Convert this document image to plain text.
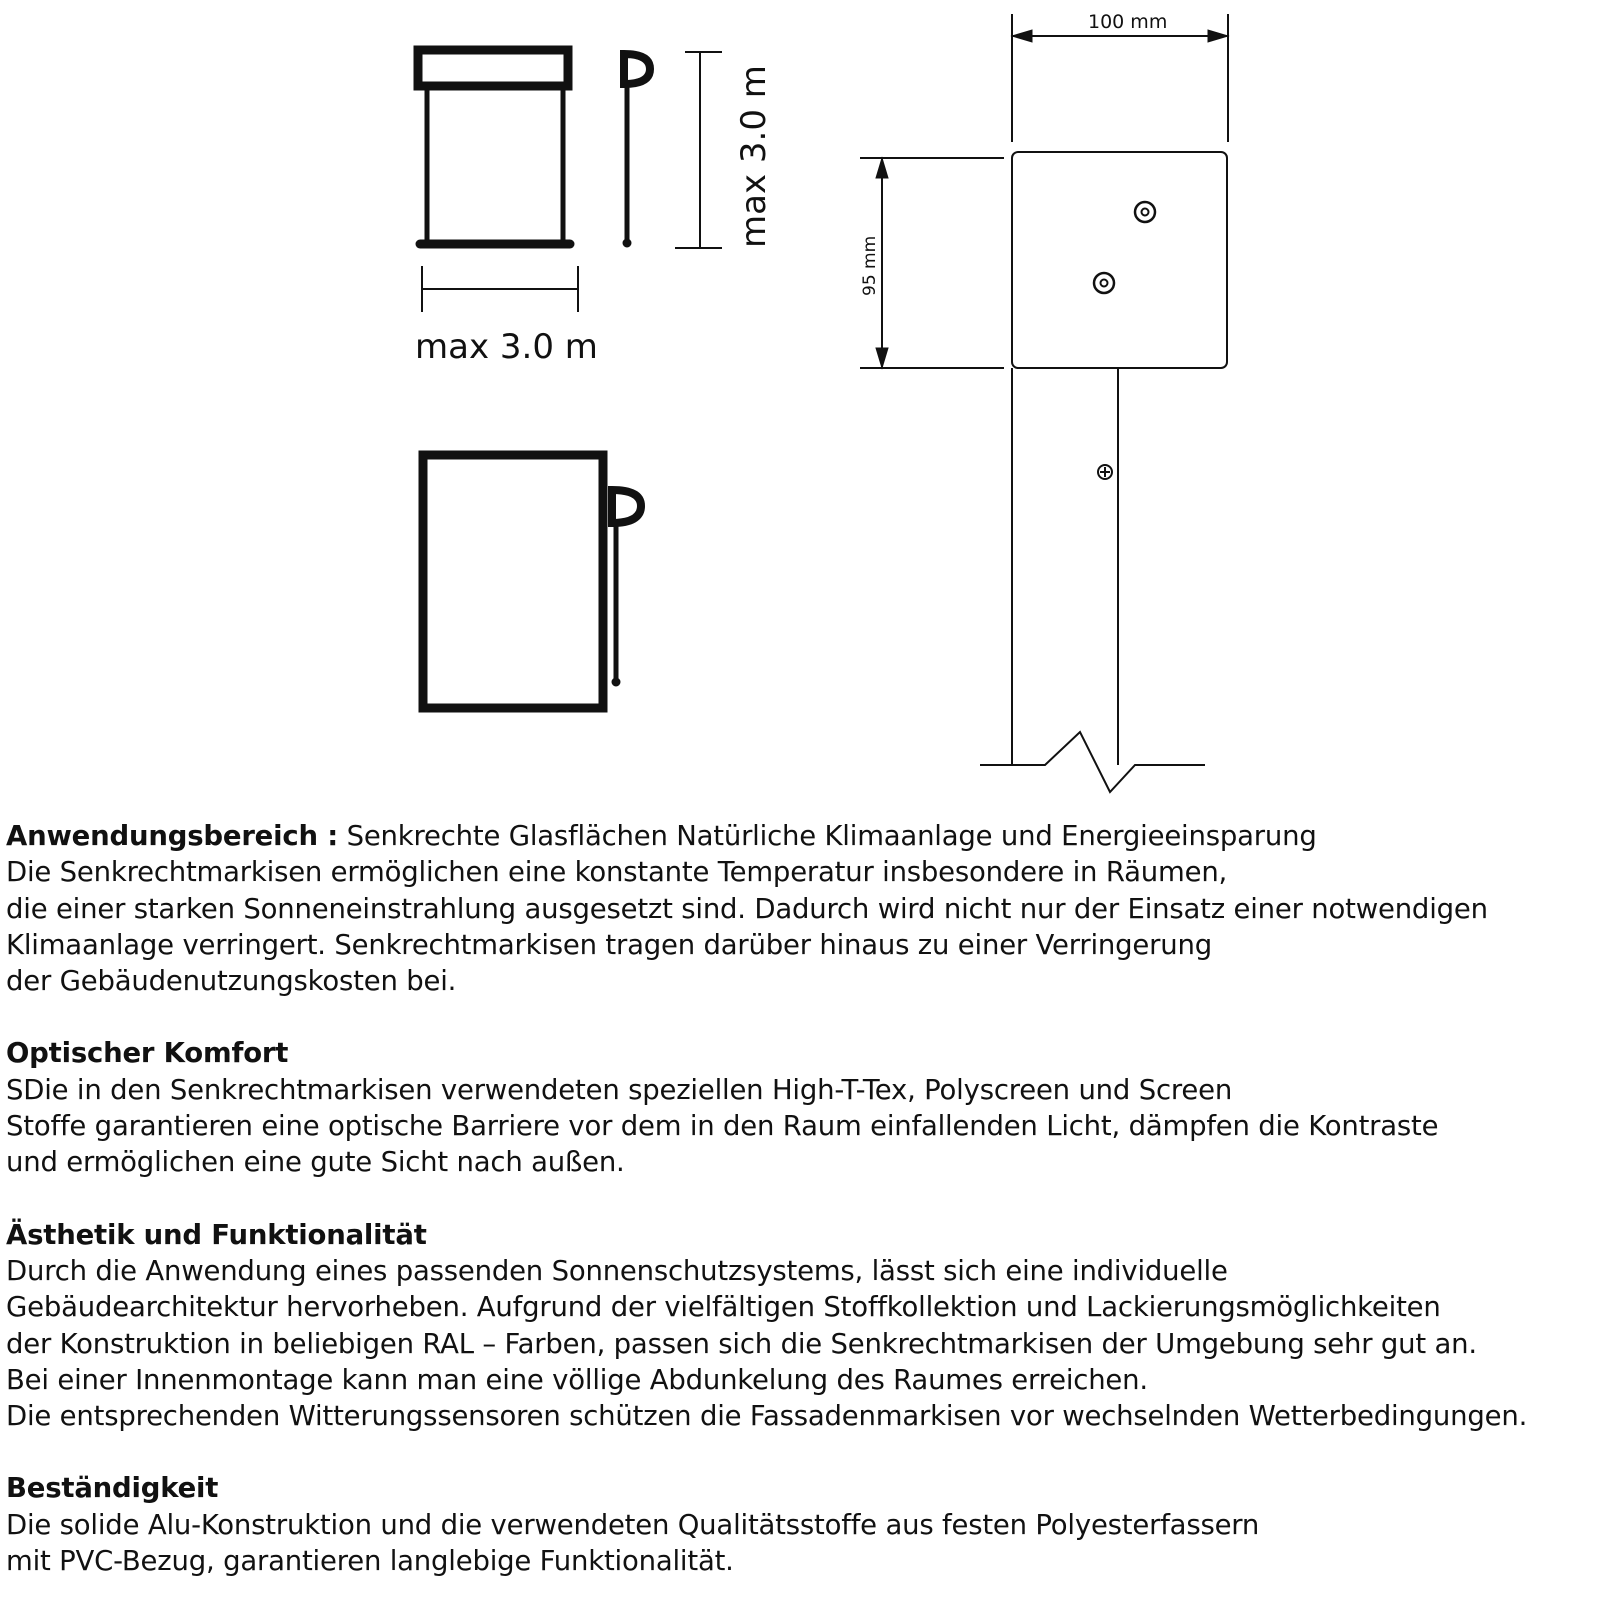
max 3.0 m
max 3.0 m
100 mm
95 mm
Anwendungsbereich : Senkrechte Glasflächen Natürliche Klimaanlage und Energieeinsparung
Die Senkrechtmarkisen ermöglichen eine konstante Temperatur insbesondere in Räumen,
die einer starken Sonneneinstrahlung ausgesetzt sind. Dadurch wird nicht nur der Einsatz einer notwendigen
Klimaanlage verringert. Senkrechtmarkisen tragen darüber hinaus zu einer Verringerung
der Gebäudenutzungskosten bei.
Optischer Komfort
SDie in den Senkrechtmarkisen verwendeten speziellen High-T-Tex, Polyscreen und Screen
Stoffe garantieren eine optische Barriere vor dem in den Raum einfallenden Licht, dämpfen die Kontraste
und ermöglichen eine gute Sicht nach außen.
Ästhetik und Funktionalität
Durch die Anwendung eines passenden Sonnenschutzsystems, lässt sich eine individuelle
Gebäudearchitektur hervorheben. Aufgrund der vielfältigen Stoffkollektion und Lackierungsmöglichkeiten
der Konstruktion in beliebigen RAL – Farben, passen sich die Senkrechtmarkisen der Umgebung sehr gut an.
Bei einer Innenmontage kann man eine völlige Abdunkelung des Raumes erreichen.
Die entsprechenden Witterungssensoren schützen die Fassadenmarkisen vor wechselnden Wetterbedingungen.
Beständigkeit
Die solide Alu-Konstruktion und die verwendeten Qualitätsstoffe aus festen Polyesterfassern
mit PVC-Bezug, garantieren langlebige Funktionalität.
